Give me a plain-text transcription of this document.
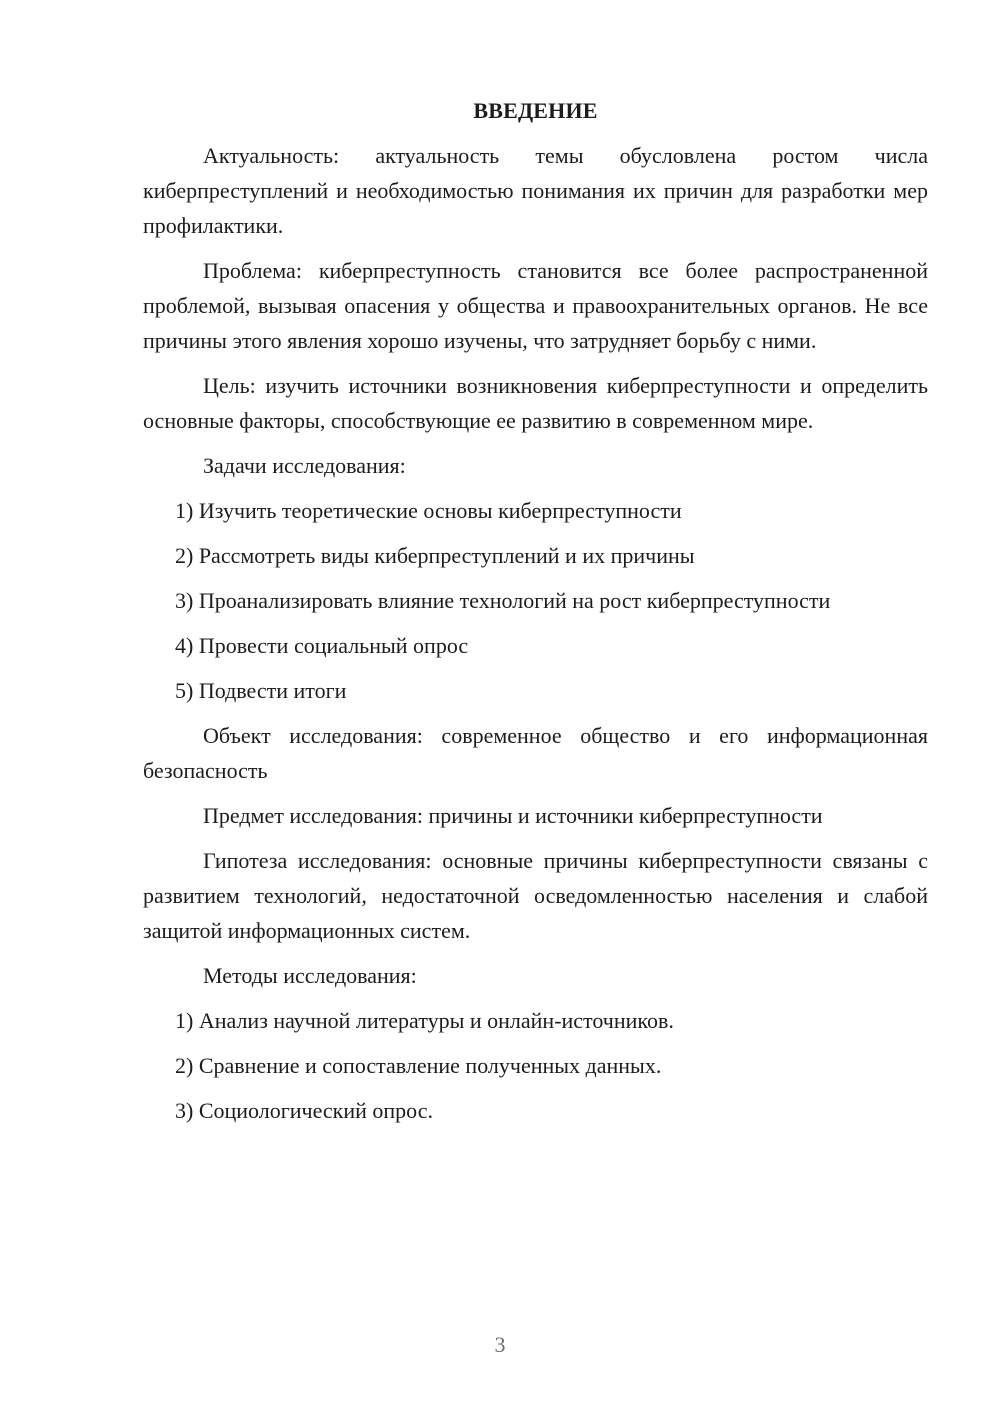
ВВЕДЕНИЕ

Актуальность: актуальность темы обусловлена ростом числа киберпреступлений и необходимостью понимания их причин для разработки мер профилактики.

Проблема: киберпреступность становится все более распространенной проблемой, вызывая опасения у общества и правоохранительных органов. Не все причины этого явления хорошо изучены, что затрудняет борьбу с ними.

Цель: изучить источники возникновения киберпреступности и определить основные факторы, способствующие ее развитию в современном мире.

Задачи исследования:

1) Изучить теоретические основы киберпреступности
2) Рассмотреть виды киберпреступлений и их причины
3) Проанализировать влияние технологий на рост киберпреступности
4) Провести социальный опрос
5) Подвести итоги

Объект исследования: современное общество и его информационная безопасность

Предмет исследования: причины и источники киберпреступности

Гипотеза исследования: основные причины киберпреступности связаны с развитием технологий, недостаточной осведомленностью населения и слабой защитой информационных систем.

Методы исследования:

1) Анализ научной литературы и онлайн-источников.
2) Сравнение и сопоставление полученных данных.
3) Социологический опрос.
3
